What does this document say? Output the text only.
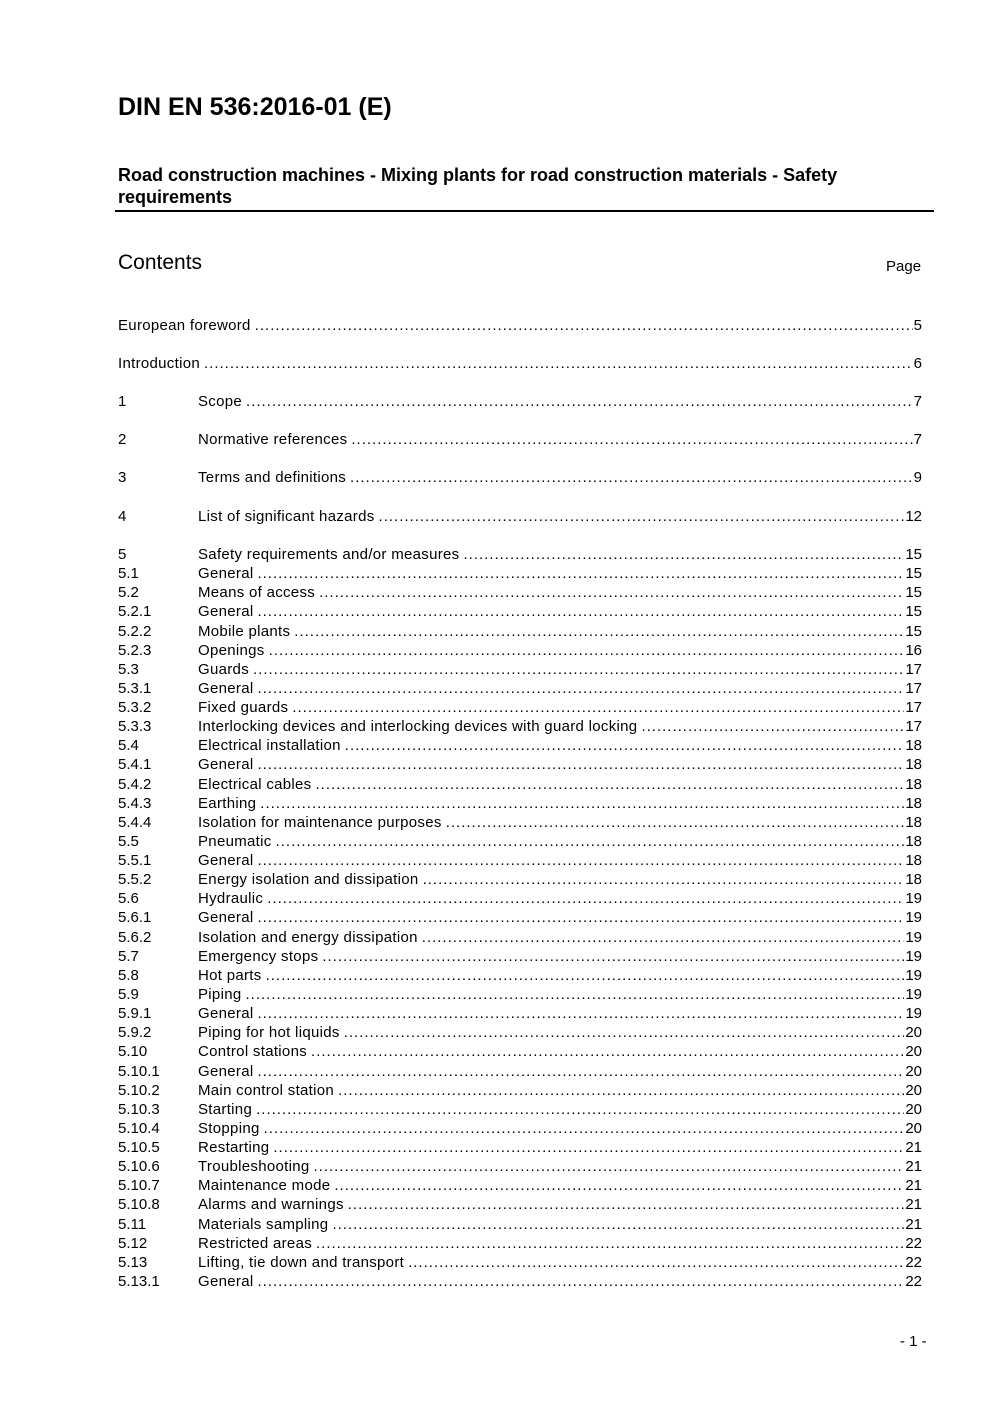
DIN EN 536:2016-01 (E)
Road construction machines - Mixing plants for road construction materials - Safety requirements
Contents	Page
European foreword .....	5
Introduction .....	6
1	Scope .....	7
2	Normative references .....	7
3	Terms and definitions .....	9
4	List of significant hazards .....	12
5	Safety requirements and/or measures .....	15
5.1	General .....	15
5.2	Means of access .....	15
5.2.1	General .....	15
5.2.2	Mobile plants .....	15
5.2.3	Openings .....	16
5.3	Guards .....	17
5.3.1	General .....	17
5.3.2	Fixed guards .....	17
5.3.3	Interlocking devices and interlocking devices with guard locking .....	17
5.4	Electrical installation .....	18
5.4.1	General .....	18
5.4.2	Electrical cables .....	18
5.4.3	Earthing .....	18
5.4.4	Isolation for maintenance purposes .....	18
5.5	Pneumatic .....	18
5.5.1	General .....	18
5.5.2	Energy isolation and dissipation .....	18
5.6	Hydraulic .....	19
5.6.1	General .....	19
5.6.2	Isolation and energy dissipation .....	19
5.7	Emergency stops .....	19
5.8	Hot parts .....	19
5.9	Piping .....	19
5.9.1	General .....	19
5.9.2	Piping for hot liquids .....	20
5.10	Control stations .....	20
5.10.1	General .....	20
5.10.2	Main control station .....	20
5.10.3	Starting .....	20
5.10.4	Stopping .....	20
5.10.5	Restarting .....	21
5.10.6	Troubleshooting .....	21
5.10.7	Maintenance mode .....	21
5.10.8	Alarms and warnings .....	21
5.11	Materials sampling .....	21
5.12	Restricted areas .....	22
5.13	Lifting, tie down and transport .....	22
5.13.1	General .....	22
- 1 -
